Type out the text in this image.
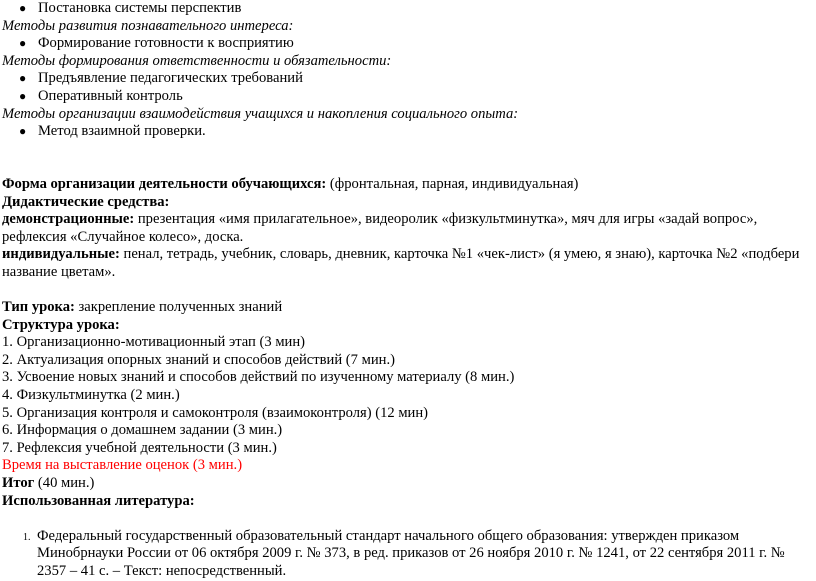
● Постановка системы перспектив

Методы развития познавательного интереса:

● Формирование готовности к восприятию

Методы формирования ответственности и обязательности:

● Предъявление педагогических требований
● Оперативный контроль

Методы организации взаимодействия учащихся и накопления социального опыта:

● Метод взаимной проверки.

Форма организации деятельности обучающихся: (фронтальная, парная, индивидуальная)

Дидактические средства:

демонстрационные: презентация «имя прилагательное», видеоролик «физкультминутка», мяч для игры «задай вопрос», рефлексия «Случайное колесо», доска.

индивидуальные: пенал, тетрадь, учебник, словарь, дневник, карточка №1 «чек-лист» (я умею, я знаю), карточка №2 «подбери название цветам».

Тип урока: закрепление полученных знаний

Структура урока:

1. Организационно-мотивационный этап (3 мин)

2. Актуализация опорных знаний и способов действий (7 мин.)

3. Усвоение новых знаний и способов действий по изученному материалу (8 мин.)

4. Физкультминутка (2 мин.)

5. Организация контроля и самоконтроля (взаимоконтроля) (12 мин)

6. Информация о домашнем задании (3 мин.)

7. Рефлексия учебной деятельности (3 мин.)

Время на выставление оценок (3 мин.)

Итог (40 мин.)

Использованная литература:

1. Федеральный государственный образовательный стандарт начального общего образования: утвержден приказом Минобрнауки России от 06 октября 2009 г. № 373, в ред. приказов от 26 ноября 2010 г. № 1241, от 22 сентября 2011 г. № 2357 – 41 с. – Текст: непосредственный.
